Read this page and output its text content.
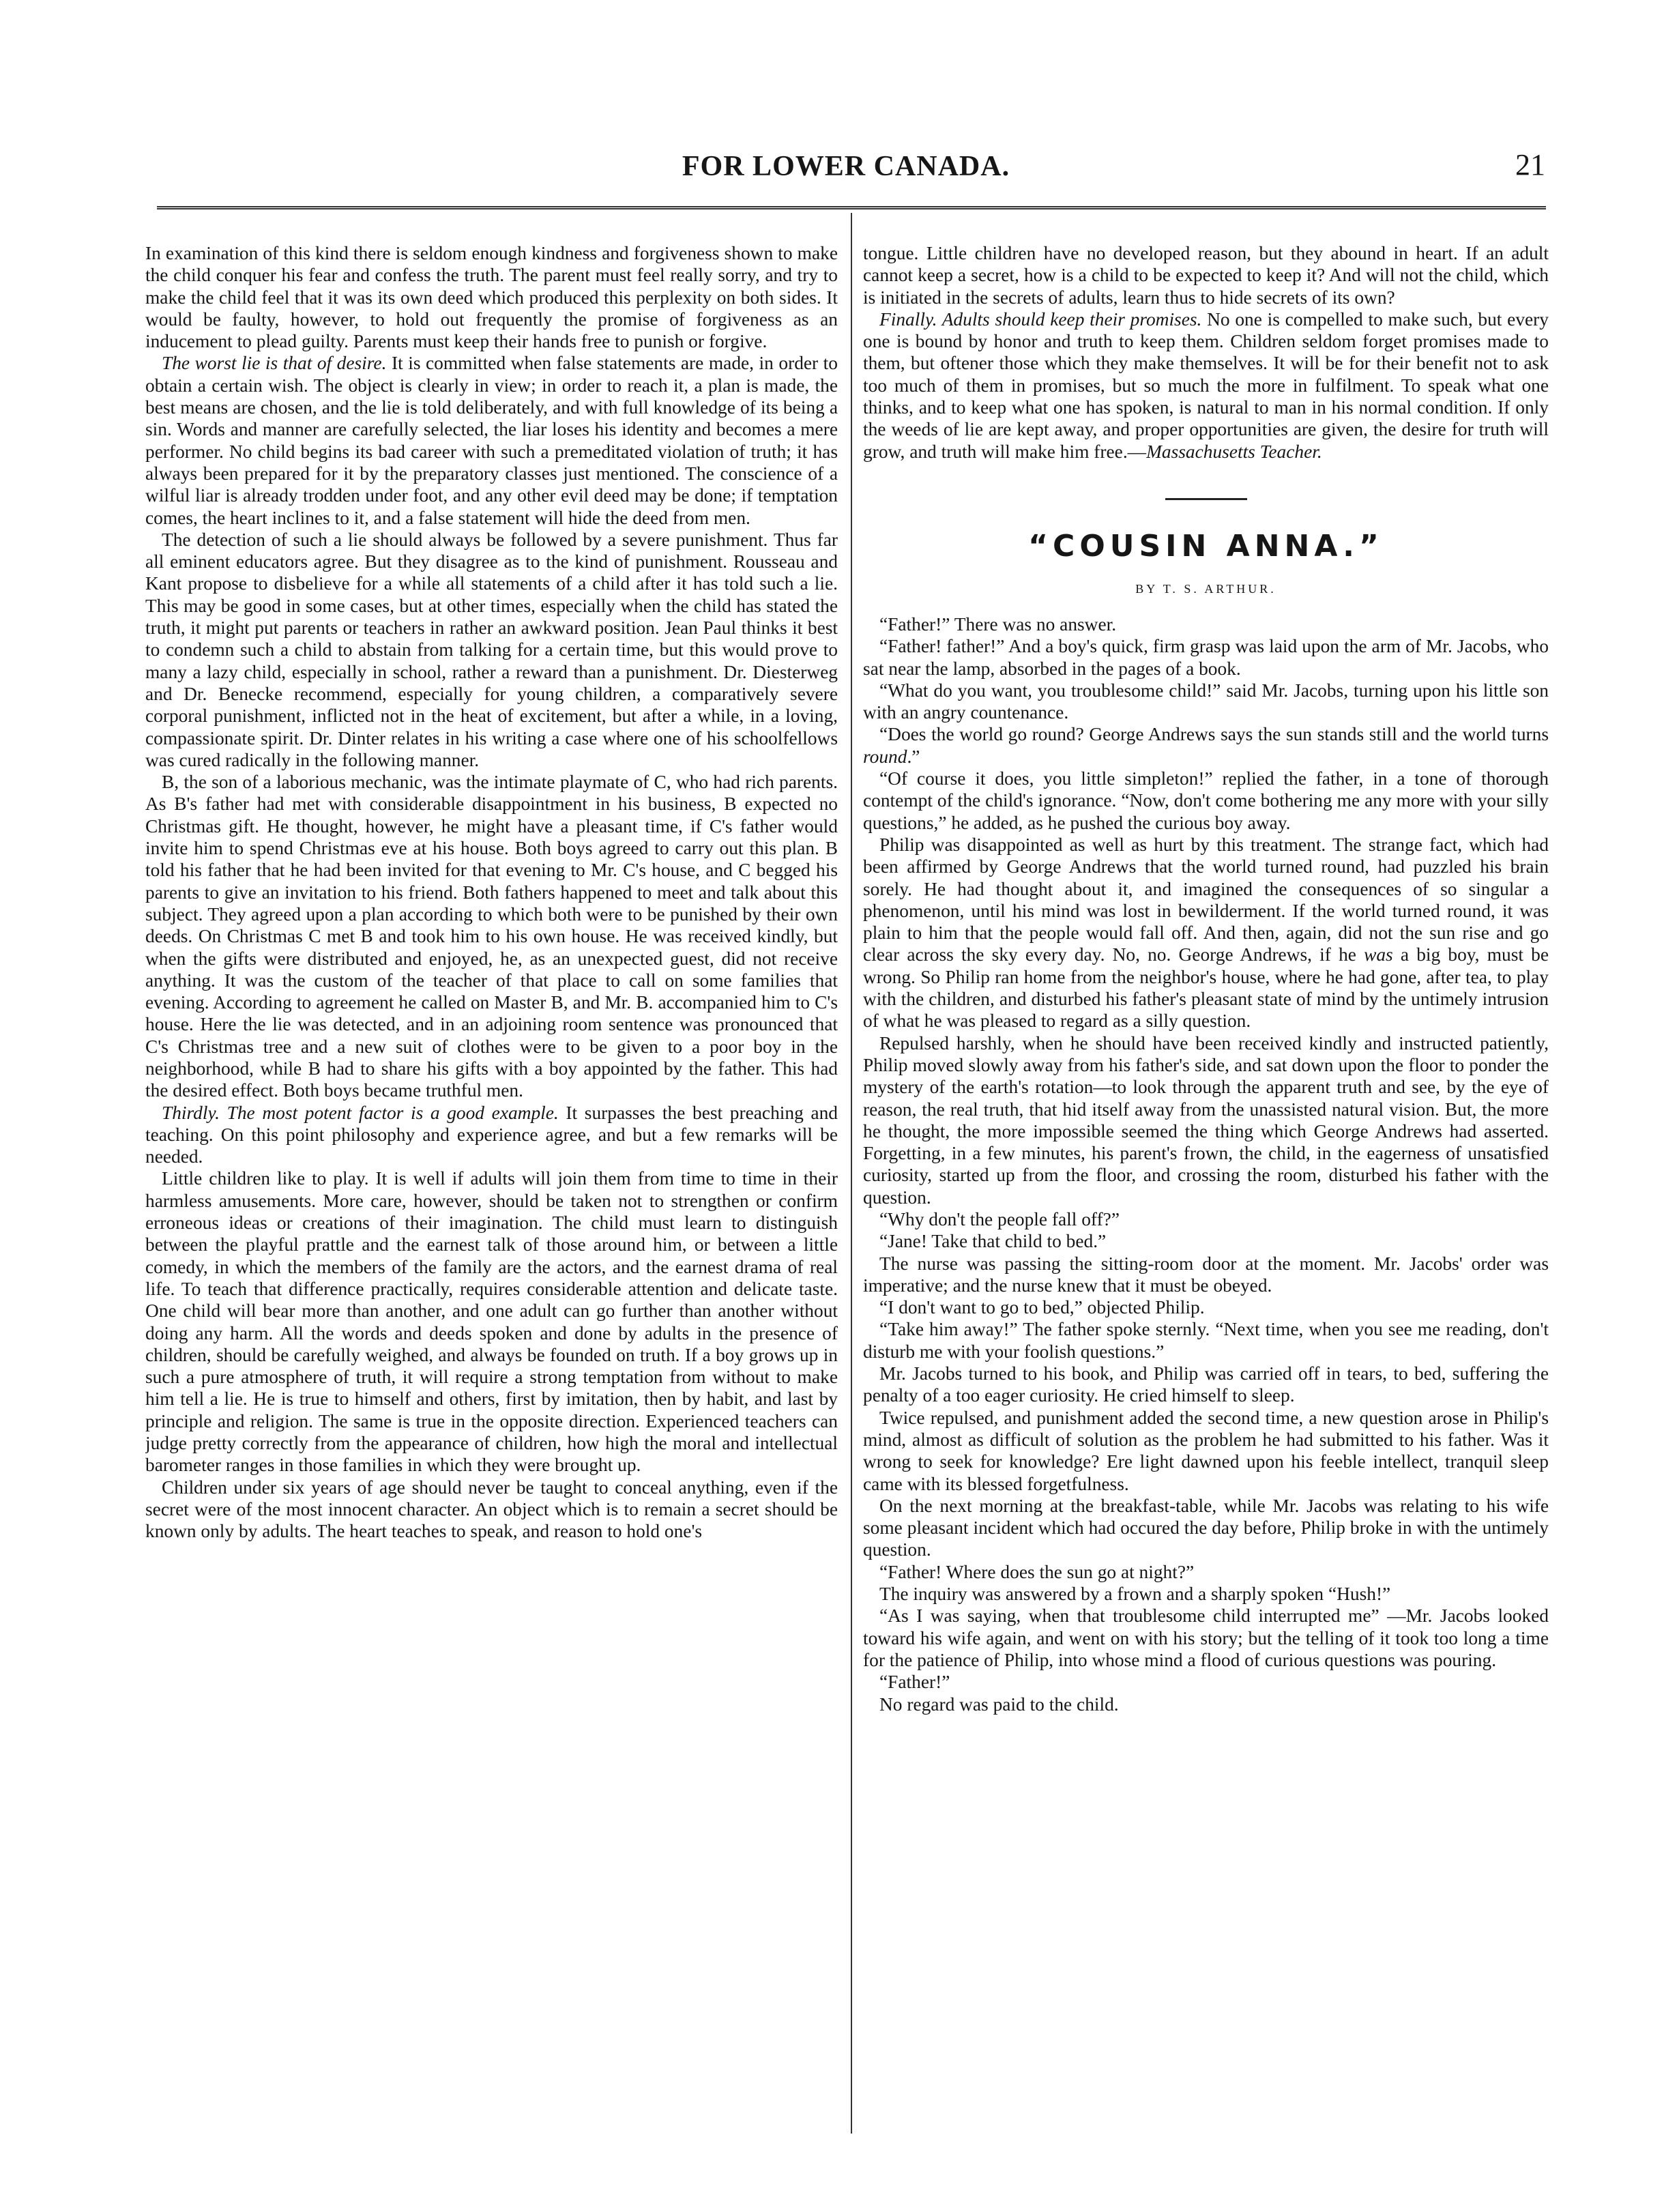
FOR LOWER CANADA.	21

In examination of this kind there is seldom enough kindness and forgiveness shown to make the child conquer his fear and confess the truth. The parent must feel really sorry, and try to make the child feel that it was its own deed which produced this perplexity on both sides. It would be faulty, however, to hold out frequently the promise of forgiveness as an inducement to plead guilty. Parents must keep their hands free to punish or forgive.

The worst lie is that of desire. It is committed when false statements are made, in order to obtain a certain wish. The object is clearly in view; in order to reach it, a plan is made, the best means are chosen, and the lie is told deliberately, and with full knowledge of its being a sin. Words and manner are carefully selected, the liar loses his identity and becomes a mere performer. No child begins its bad career with such a premeditated violation of truth; it has always been prepared for it by the preparatory classes just mentioned. The conscience of a wilful liar is already trodden under foot, and any other evil deed may be done; if temptation comes, the heart inclines to it, and a false statement will hide the deed from men.

The detection of such a lie should always be followed by a severe punishment. Thus far all eminent educators agree. But they disagree as to the kind of punishment. Rousseau and Kant propose to disbelieve for a while all statements of a child after it has told such a lie. This may be good in some cases, but at other times, especially when the child has stated the truth, it might put parents or teachers in rather an awkward position. Jean Paul thinks it best to condemn such a child to abstain from talking for a certain time, but this would prove to many a lazy child, especially in school, rather a reward than a punishment. Dr. Diesterweg and Dr. Benecke recommend, especially for young children, a comparatively severe corporal punishment, inflicted not in the heat of excitement, but after a while, in a loving, compassionate spirit. Dr. Dinter relates in his writing a case where one of his schoolfellows was cured radically in the following manner.

B, the son of a laborious mechanic, was the intimate playmate of C, who had rich parents. As B's father had met with considerable disappointment in his business, B expected no Christmas gift. He thought, however, he might have a pleasant time, if C's father would invite him to spend Christmas eve at his house. Both boys agreed to carry out this plan. B told his father that he had been invited for that evening to Mr. C's house, and C begged his parents to give an invitation to his friend. Both fathers happened to meet and talk about this subject. They agreed upon a plan according to which both were to be punished by their own deeds. On Christmas C met B and took him to his own house. He was received kindly, but when the gifts were distributed and enjoyed, he, as an unexpected guest, did not receive anything. It was the custom of the teacher of that place to call on some families that evening. According to agreement he called on Master B, and Mr. B. accompanied him to C's house. Here the lie was detected, and in an adjoining room sentence was pronounced that C's Christmas tree and a new suit of clothes were to be given to a poor boy in the neighborhood, while B had to share his gifts with a boy appointed by the father. This had the desired effect. Both boys became truthful men.

Thirdly. The most potent factor is a good example. It surpasses the best preaching and teaching. On this point philosophy and experience agree, and but a few remarks will be needed.

Little children like to play. It is well if adults will join them from time to time in their harmless amusements. More care, however, should be taken not to strengthen or confirm erroneous ideas or creations of their imagination. The child must learn to distinguish between the playful prattle and the earnest talk of those around him, or between a little comedy, in which the members of the family are the actors, and the earnest drama of real life. To teach that difference practically, requires considerable attention and delicate taste. One child will bear more than another, and one adult can go further than another without doing any harm. All the words and deeds spoken and done by adults in the presence of children, should be carefully weighed, and always be founded on truth. If a boy grows up in such a pure atmosphere of truth, it will require a strong temptation from without to make him tell a lie. He is true to himself and others, first by imitation, then by habit, and last by principle and religion. The same is true in the opposite direction. Experienced teachers can judge pretty correctly from the appearance of children, how high the moral and intellectual barometer ranges in those families in which they were brought up.

Children under six years of age should never be taught to conceal anything, even if the secret were of the most innocent character. An object which is to remain a secret should be known only by adults. The heart teaches to speak, and reason to hold one's

tongue. Little children have no developed reason, but they abound in heart. If an adult cannot keep a secret, how is a child to be expected to keep it? And will not the child, which is initiated in the secrets of adults, learn thus to hide secrets of its own?

Finally. Adults should keep their promises. No one is compelled to make such, but every one is bound by honor and truth to keep them. Children seldom forget promises made to them, but oftener those which they make themselves. It will be for their benefit not to ask too much of them in promises, but so much the more in fulfilment. To speak what one thinks, and to keep what one has spoken, is natural to man in his normal condition. If only the weeds of lie are kept away, and proper opportunities are given, the desire for truth will grow, and truth will make him free.—Massachusetts Teacher.

“COUSIN ANNA.”
BY T. S. ARTHUR.

“Father!” There was no answer.

“Father! father!” And a boy's quick, firm grasp was laid upon the arm of Mr. Jacobs, who sat near the lamp, absorbed in the pages of a book.

“What do you want, you troublesome child!” said Mr. Jacobs, turning upon his little son with an angry countenance.

“Does the world go round? George Andrews says the sun stands still and the world turns round.”

“Of course it does, you little simpleton!” replied the father, in a tone of thorough contempt of the child's ignorance. “Now, don't come bothering me any more with your silly questions,” he added, as he pushed the curious boy away.

Philip was disappointed as well as hurt by this treatment. The strange fact, which had been affirmed by George Andrews that the world turned round, had puzzled his brain sorely. He had thought about it, and imagined the consequences of so singular a phenomenon, until his mind was lost in bewilderment. If the world turned round, it was plain to him that the people would fall off. And then, again, did not the sun rise and go clear across the sky every day. No, no. George Andrews, if he was a big boy, must be wrong. So Philip ran home from the neighbor's house, where he had gone, after tea, to play with the children, and disturbed his father's pleasant state of mind by the untimely intrusion of what he was pleased to regard as a silly question.

Repulsed harshly, when he should have been received kindly and instructed patiently, Philip moved slowly away from his father's side, and sat down upon the floor to ponder the mystery of the earth's rotation—to look through the apparent truth and see, by the eye of reason, the real truth, that hid itself away from the unassisted natural vision. But, the more he thought, the more impossible seemed the thing which George Andrews had asserted. Forgetting, in a few minutes, his parent's frown, the child, in the eagerness of unsatisfied curiosity, started up from the floor, and crossing the room, disturbed his father with the question.

“Why don't the people fall off?”

“Jane! Take that child to bed.”

The nurse was passing the sitting-room door at the moment. Mr. Jacobs' order was imperative; and the nurse knew that it must be obeyed.

“I don't want to go to bed,” objected Philip.

“Take him away!” The father spoke sternly. “Next time, when you see me reading, don't disturb me with your foolish questions.”

Mr. Jacobs turned to his book, and Philip was carried off in tears, to bed, suffering the penalty of a too eager curiosity. He cried himself to sleep.

Twice repulsed, and punishment added the second time, a new question arose in Philip's mind, almost as difficult of solution as the problem he had submitted to his father. Was it wrong to seek for knowledge? Ere light dawned upon his feeble intellect, tranquil sleep came with its blessed forgetfulness.

On the next morning at the breakfast-table, while Mr. Jacobs was relating to his wife some pleasant incident which had occured the day before, Philip broke in with the untimely question.

“Father! Where does the sun go at night?”

The inquiry was answered by a frown and a sharply spoken “Hush!”

“As I was saying, when that troublesome child interrupted me” —Mr. Jacobs looked toward his wife again, and went on with his story; but the telling of it took too long a time for the patience of Philip, into whose mind a flood of curious questions was pouring.

“Father!”

No regard was paid to the child.
